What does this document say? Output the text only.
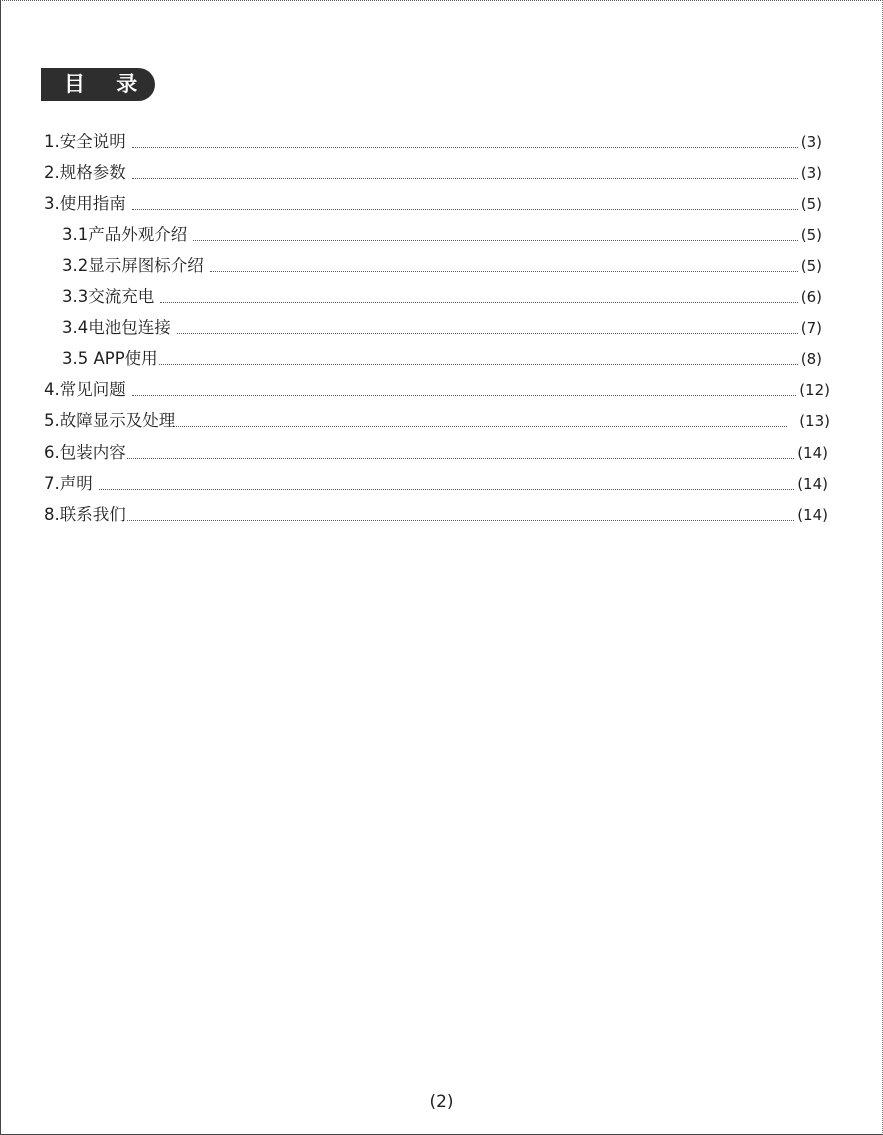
目 录
1.安全说明	(3)
2.规格参数	(3)
3.使用指南	(5)
3.1产品外观介绍	(5)
3.2显示屏图标介绍	(5)
3.3交流充电	(6)
3.4电池包连接	(7)
3.5 APP使用	(8)
4.常见问题	(12)
5.故障显示及处理	(13)
6.包装内容	(14)
7.声明	(14)
8.联系我们	(14)
(2)
